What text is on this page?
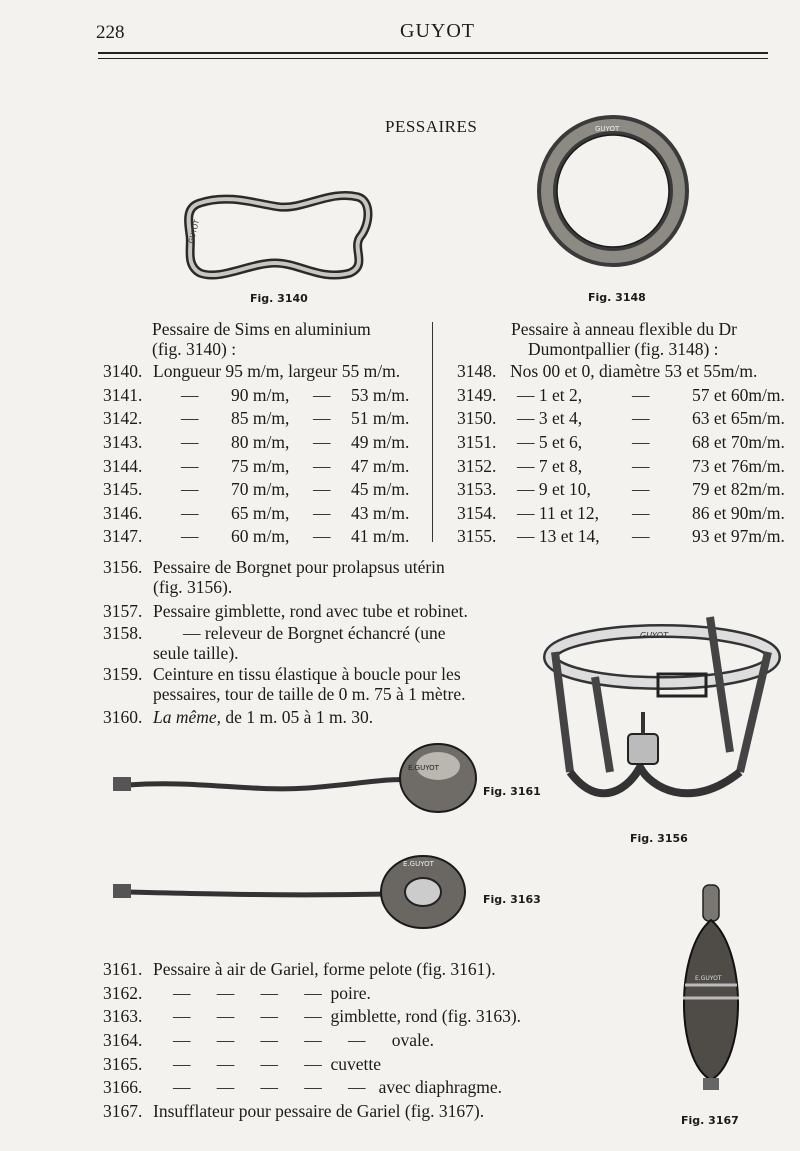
228	GUYOT
PESSAIRES
GUYOT
Fig. 3140
GUYOT
Fig. 3148
Pessaire de Sims en aluminium
(fig. 3140) :
3140. Longueur 95 m/m, largeur 55 m/m.
3141.	—	90 m/m,	—	53 m/m.
3142.	—	85 m/m,	—	51 m/m.
3143.	—	80 m/m,	—	49 m/m.
3144.	—	75 m/m,	—	47 m/m.
3145.	—	70 m/m,	—	45 m/m.
3146.	—	65 m/m,	—	43 m/m.
3147.	—	60 m/m,	—	41 m/m.
Pessaire à anneau flexible du Dr
Dumontpallier (fig. 3148) :
3148. Nos 00 et 0, diamètre 53 et 55m/m.
3149.	— 1 et 2,	—	57 et 60m/m.
3150.	— 3 et 4,	—	63 et 65m/m.
3151.	— 5 et 6,	—	68 et 70m/m.
3152.	— 7 et 8,	—	73 et 76m/m.
3153.	— 9 et 10,	—	79 et 82m/m.
3154.	— 11 et 12,	—	86 et 90m/m.
3155.	— 13 et 14,	—	93 et 97m/m.
3156. Pessaire de Borgnet pour prolapsus utérin
(fig. 3156).
3157. Pessaire gimblette, rond avec tube et robinet.
3158. — releveur de Borgnet échancré (une
seule taille).
3159. Ceinture en tissu élastique à boucle pour les
pessaires, tour de taille de 0 m. 75 à 1 mètre.
3160. La même, de 1 m. 05 à 1 m. 30.
GUYOT
Fig. 3156
E.GUYOT
Fig. 3161
E.GUYOT
Fig. 3163
E.GUYOT
Fig. 3167
3161. Pessaire à air de Gariel, forme pelote (fig. 3161).
3162.	—      —      —      —  poire.
3163.	—      —      —      —  gimblette, rond (fig. 3163).
3164.	—      —      —      —      —      ovale.
3165.	—      —      —      —  cuvette
3166.	—      —      —      —      —   avec diaphragme.
3167. Insufflateur pour pessaire de Gariel (fig. 3167).
